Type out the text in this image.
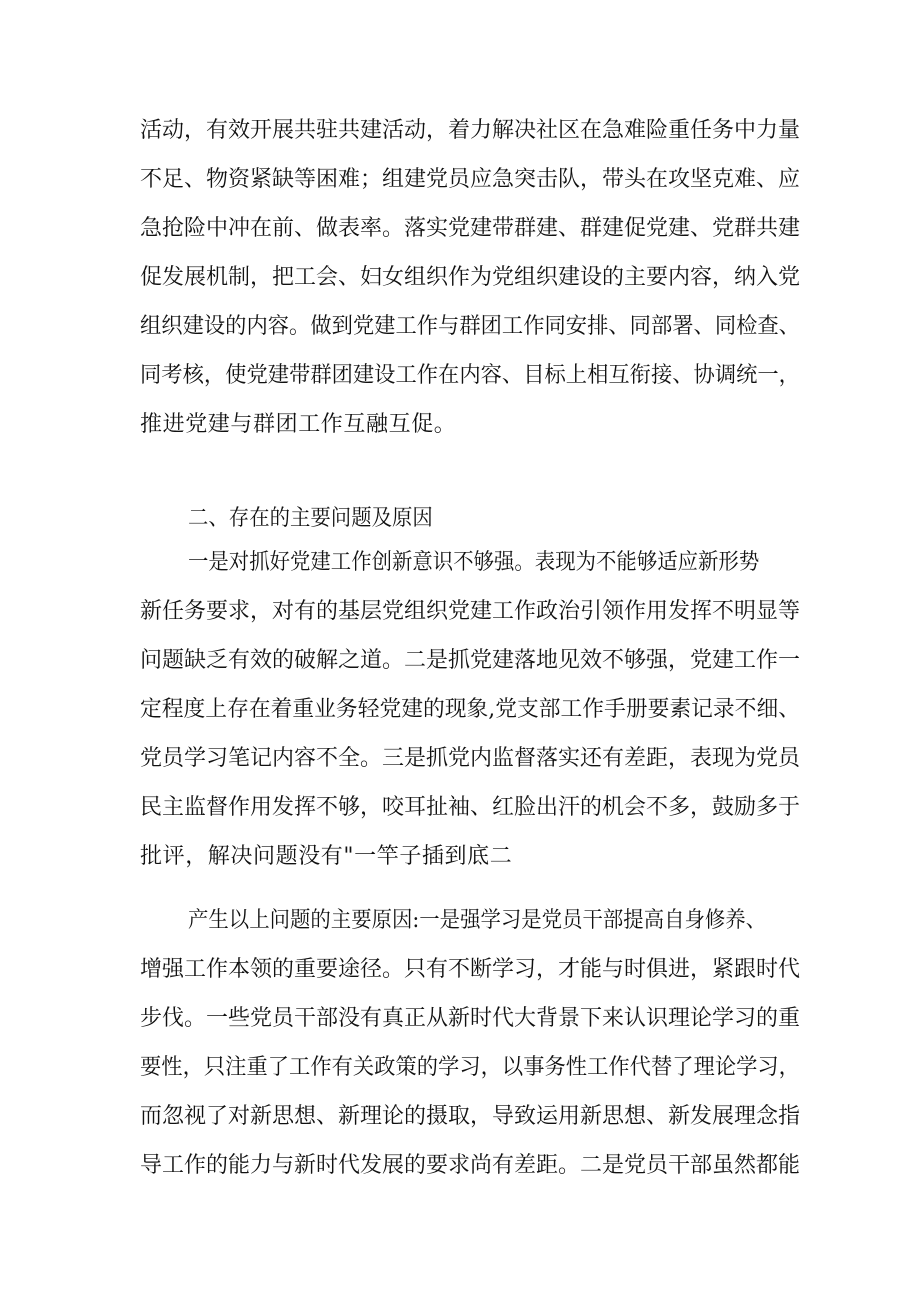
活动，有效开展共驻共建活动，着力解决社区在急难险重任务中力量
不足、物资紧缺等困难；组建党员应急突击队，带头在攻坚克难、应
急抢险中冲在前、做表率。落实党建带群建、群建促党建、党群共建
促发展机制，把工会、妇女组织作为党组织建设的主要内容，纳入党
组织建设的内容。做到党建工作与群团工作同安排、同部署、同检查、
同考核，使党建带群团建设工作在内容、目标上相互衔接、协调统一，
推进党建与群团工作互融互促。
二、存在的主要问题及原因
一是对抓好党建工作创新意识不够强。表现为不能够适应新形势
新任务要求，对有的基层党组织党建工作政治引领作用发挥不明显等
问题缺乏有效的破解之道。二是抓党建落地见效不够强，党建工作一
定程度上存在着重业务轻党建的现象,党支部工作手册要素记录不细、
党员学习笔记内容不全。三是抓党内监督落实还有差距，表现为党员
民主监督作用发挥不够，咬耳扯袖、红脸出汗的机会不多，鼓励多于
批评，解决问题没有"一竿子插到底二
产生以上问题的主要原因:一是强学习是党员干部提高自身修养、
增强工作本领的重要途径。只有不断学习，才能与时俱进，紧跟时代
步伐。一些党员干部没有真正从新时代大背景下来认识理论学习的重
要性，只注重了工作有关政策的学习，以事务性工作代替了理论学习，
而忽视了对新思想、新理论的摄取，导致运用新思想、新发展理念指
导工作的能力与新时代发展的要求尚有差距。二是党员干部虽然都能
